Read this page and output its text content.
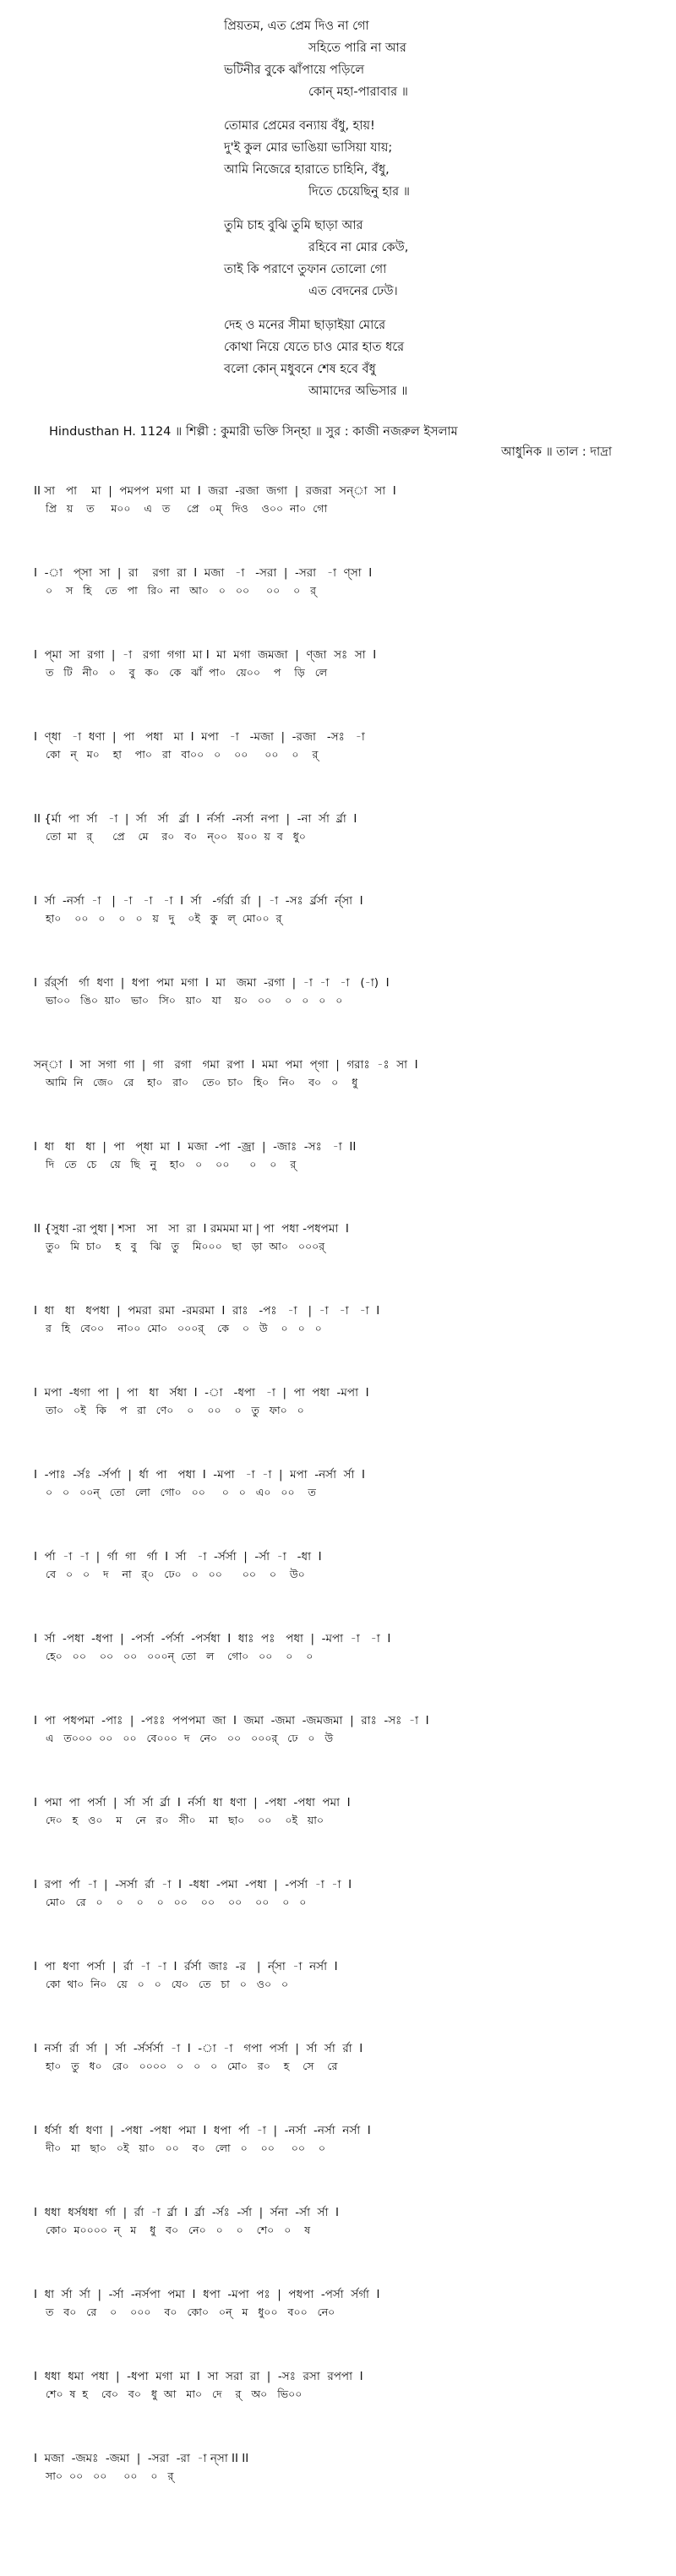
প্রিয়তম, এত প্রেম দিও না গো
সহিতে পারি না আর
ভটিনীর বুকে ঝাঁপায়ে পড়িলে
কোন্ মহা-পারাবার ॥
তোমার প্রেমের বন্যায় বঁধু, হায়!
দু'ই কুল মোর ভাঙিয়া ভাসিয়া যায়;
আমি নিজেরে হারাতে চাহিনি, বঁধু,
দিতে চেয়েছিনু হার ॥
তুমি চাহ বুঝি তুমি ছাড়া আর
রহিবে না মোর কেউ,
তাই কি পরাণে তুফান তোলো গো
এত বেদনের ঢেউ।
দেহ ও মনের সীমা ছাড়াইয়া মোরে
কোথা নিয়ে যেতে চাও মোর হাত ধরে
বলো কোন্ মধুবনে শেষ হবে বঁধু
আমাদের অভিসার ॥
Hindusthan H. 1124 ॥ শিল্পী : কুমারী ভক্তি সিন্হা ॥ সুর : কাজী নজরুল ইসলাম
আধুনিক ॥ তাল : দাদ্রা
II সা   পা    মা  |  পমপপ  মগা  মা  I  জরা  -রজা  জগা  |  রজরা  সন্‌া  সা  I
প্রি   য়    ত     ম০০    এ   ত     প্রে   ০ম্   দিও    ও০০  না০  গো
I  -া   প্‌সা  সা  |  রা    রগা  রা  I  মজা   -া   -সরা  |  -সরা   -া  ণ্‌সা  I
০    স   হি    তে   পা   রি০  না   আ০   ০   ০০     ০০    ০   র্
I  প্‌মা  সা  রগা  |  -া   রগা  গগা  মা I  মা  মগা  জমজা  |  ণ্‌জা  সঃ  সা  I
ত   টি   নী০   ০    বু   ক০   কে   ঝাঁ  পা০   য়ে০০    প    ড়ি   লে
I  ণ্‌ধা   -া  ধণা  |  পা   পধা   মা  I  মপা   -া   -মজা  |  -রজা   -সঃ   -া
কো   ন্   ম০    হা    পা০   রা   বা০০   ০    ০০     ০০    ০    র্
II {র্মা  পা  র্সা   -া  |  র্সা   র্সা   র্র্রা  I  র্নর্সা  -নর্সা  নপা  |  -না  র্সা  র্র্রা  I
তো  মা   র্      প্রে    মে    র০   ব০   ন্০০   য়০০  য়  ব   ধু০
I  র্সা  -নর্সা  -া   |  -া   -া   -া  I  র্সা   -র্গর্রা  র্রা  |  -া  -সঃ  র্র্রর্সা  র্ন্‌সা  I
হা০    ০০   ০    ০   ০   য়   দু    ০ই   কু   ল্  মো০০  র্
I  র্রর্র্সা   র্গা  ধণা  |  ধপা  পমা  মগা  I  মা   জমা  -রগা  |  -া  -া   -া   (-া)  I
ভা০০   ঙি০  য়া০   ভা০   সি০   য়া০   যা    য়০   ০০    ০   ০   ০   ০
সন্‌া  I  সা  সগা  গা  |  গা   রগা   গমা  রপা  I  মমা  পমা  প্‌গা  |  গরাঃ  -ঃ  সা  I
আমি  নি   জে০   রে    হা০   রা০    তে০  চা০   হি০   নি০    ব০   ০    ধু
I  ধা   ধা   ধা  |  পা   প্‌ধা  মা  I  মজা  -পা  -জ্রা  |  -জাঃ  -সঃ   -া  II
দি   তে   চে    য়ে   ছি   নু    হা০   ০    ০০      ০    ০    র্
II {সুধা -রা পুধা | শসা   সা   সা  রা  I রমমমা মা | পা  পধা -পধপমা  I
তু০   মি  চা০    হ   বু    ঝি   তু    মি০০০   ছা   ড়া  আ০   ০০০র্
I  ধা   ধা   ধপধা  |  পমরা  রমা  -রমরমা  I  রাঃ   -পঃ   -া   |  -া   -া   -া  I
র   হি   বে০০    না০০  মো০   ০০০র্    কে    ০   উ    ০   ০   ০
I  মপা  -ধগা  পা  |  পা   ধা   র্সধা  I  -া   -ধপা   -া  |  পা  পধা  -মপা  I
তা০   ০ই   কি    প   রা   ণে০    ০    ০০    ০   তু   ফা০   ০
I  -পাঃ  -র্সঃ  -র্সর্পা  |  র্ধা  পা   পধা  I  -মপা   -া  -া  |  মপা  -নর্সা  র্সা  I
০   ০   ০০ন্   তো   লো   গো০   ০০     ০   ০   এ০   ০০    ত
I  র্পা  -া  -া  |  র্গা  গা   র্গা  I  র্সা   -া  -র্সর্সা  |  -র্সা  -া   -ধা  I
বে   ০   ০    দ    না   র্০   ঢে০   ০   ০০      ০০    ০    উ০
I  র্সা  -পধা  -ধপা  |  -পর্সা  -র্পর্সা  -পর্সধা  I  ধাঃ  পঃ   পধা  |  -মপা  -া   -া  I
হে০   ০০    ০০   ০০   ০০০ন্  তো   ল    গো০   ০০    ০    ০
I  পা  পধপমা  -পাঃ  |  -পঃঃ  পপপমা  জা  I  জমা  -জমা  -জমজমা  |  রাঃ  -সঃ  -া  I
এ   ত০০০  ০০   ০০   বে০০০  দ   নে০   ০০   ০০০র্   ঢে   ০   উ
I  পমা  পা  পর্সা  |  র্সা  র্সা  র্র্রা  I  র্নর্সা  ধা  ধণা  |  -পধা  -পধা  পমা  I
দে০   হ   ও০    ম    নে   র০   সী০    মা   ছা০    ০০    ০ই   য়া০
I  রপা  র্পা  -া  |  -সর্সা  র্রা  -া  I  -ধধা  -পমা  -পধা  |  -পর্সা  -া  -া  I
মো০   রে   ০    ০    ০    ০   ০০    ০০    ০০    ০০    ০   ০
I  পা  ধণা  পর্সা  |  র্রা  -া  -া  I  র্রর্সা  জাঃ  -র   |  র্ন্‌সা  -া  নর্সা  I
কো  থা০  নি০   য়ে   ০   ০   যে০   তে   চা   ০   ও০   ০
I  নর্সা  র্রা  র্সা  |  র্সা  -র্সর্সর্সা  -া  I  -া  -া   গপা  পর্সা  |  র্সা  র্সা  র্রা  I
হা০   তু   ধ০   রে০   ০০০০   ০   ০   ০   মো০   র০    হ    সে    রে
I  র্ধর্সা  র্ধা  ধণা  |  -পধা  -পধা  পমা  I  ধপা  র্পা  -া  |  -নর্সা  -নর্সা  নর্সা  I
দী০   মা   ছা০   ০ই   য়া০   ০০    ব০   লো   ০    ০০     ০০    ০
I  ধধা  ধর্সধধা  র্গা  |  র্রা  -া  র্র্রা  I  র্র্রা  -র্সঃ  -র্সা  |  র্সনা  -র্সা  র্সা  I
কো০  ম০০০০  ন্   ম    ধু   ব০   নে০   ০    ০    শে০   ০    ষ
I  ধা  র্সা  র্সা  |  -র্সা  -নর্সপা  পমা  I  ধপা  -মপা  পঃ  |  পধপা  -পর্সা  র্সর্গা  I
ত   ব০   রে    ০    ০০০    ব০   কো০   ০ন্   ম   ধু০০   ব০০   নে০
I  ধধা  ধমা  পধা  |  -ধপা  মগা  মা  I  সা  সরা  রা  |  -সঃ  রসা  রপপা  I
শে০  ষ  হ    বে০   ব০   ধু  আ   মা০   দে    র্   অ০   ভি০০
I  মজা  -জমঃ  -জমা  |  -সরা  -রা  -া ন্‌সা II II
সা০  ০০   ০০     ০০    ০   র্
